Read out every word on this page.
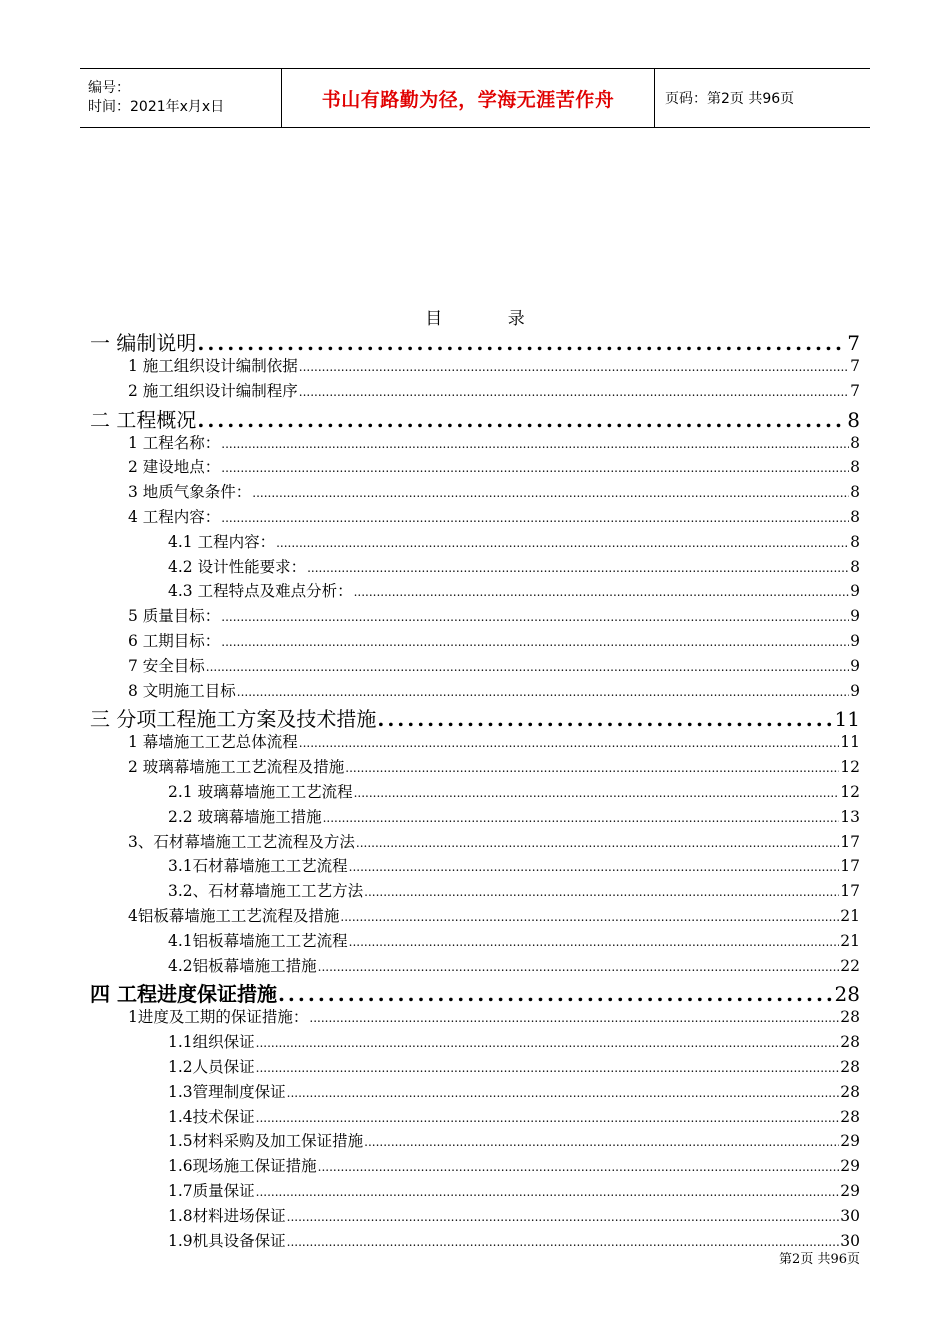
编号：
时间：2021年x月x日	书山有路勤为径，学海无涯苦作舟	页码：第2页 共96页
目 录
一 编制说明 .....	7
1 施工组织设计编制依据 .....	7
2 施工组织设计编制程序 .....	7
二 工程概况 .....	8
1 工程名称： .....	8
2 建设地点： .....	8
3 地质气象条件： .....	8
4 工程内容： .....	8
4.1 工程内容： .....	8
4.2 设计性能要求： .....	8
4.3 工程特点及难点分析： .....	9
5 质量目标： .....	9
6 工期目标： .....	9
7 安全目标 .....	9
8 文明施工目标 .....	9
三 分项工程施工方案及技术措施 .....	11
1 幕墙施工工艺总体流程 .....	11
2 玻璃幕墙施工工艺流程及措施 .....	12
2.1 玻璃幕墙施工工艺流程 .....	12
2.2 玻璃幕墙施工措施 .....	13
3、石材幕墙施工工艺流程及方法 .....	17
3.1石材幕墙施工工艺流程 .....	17
3.2、石材幕墙施工工艺方法 .....	17
4铝板幕墙施工工艺流程及措施 .....	21
4.1铝板幕墙施工工艺流程 .....	21
4.2铝板幕墙施工措施 .....	22
四 工程进度保证措施 .....	28
1进度及工期的保证措施： .....	28
1.1组织保证 .....	28
1.2人员保证 .....	28
1.3管理制度保证 .....	28
1.4技术保证 .....	28
1.5材料采购及加工保证措施 .....	29
1.6现场施工保证措施 .....	29
1.7质量保证 .....	29
1.8材料进场保证 .....	30
1.9机具设备保证 .....	30
第2页 共96页
